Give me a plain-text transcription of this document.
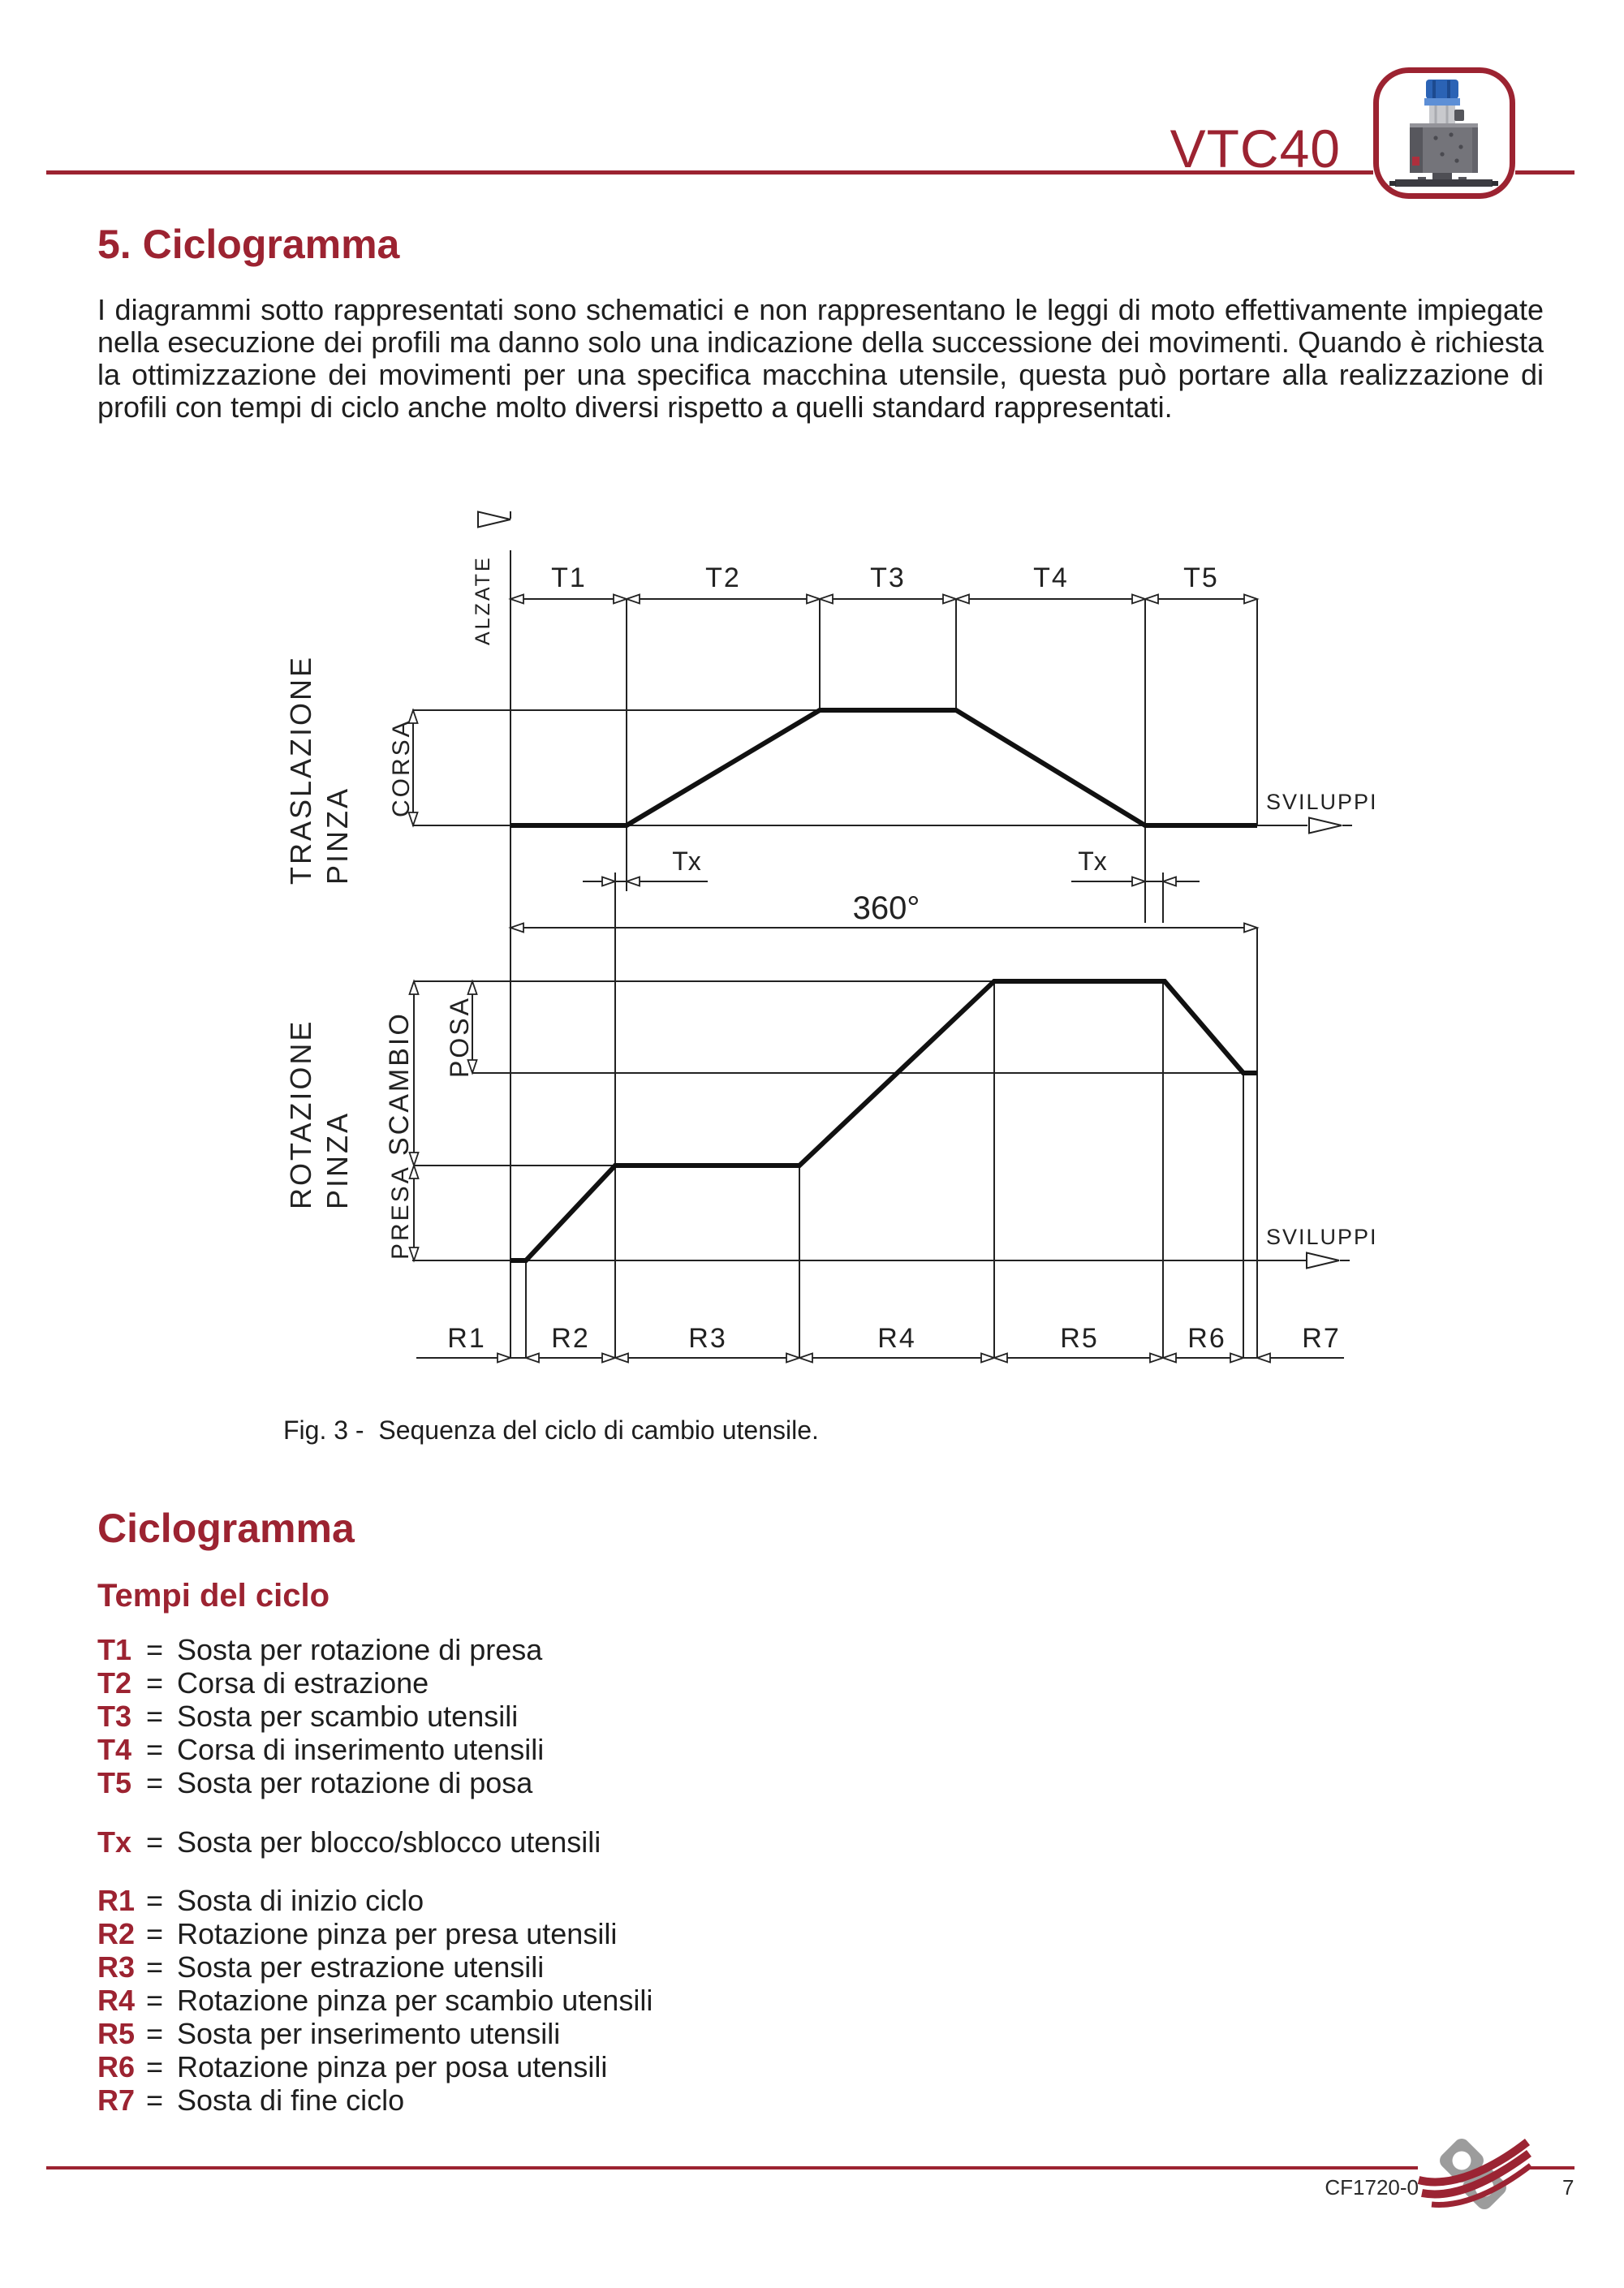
VTC40
5. Ciclogramma
I diagrammi sotto rappresentati sono schematici e non rappresentano le leggi di moto effettivamente impiegate nella esecuzione dei profili ma danno solo una indicazione della successione dei movimenti. Quando è richiesta la ottimizzazione dei movimenti per una specifica macchina utensile, questa può portare alla realizzazione di profili con tempi di ciclo anche molto diversi rispetto a quelli standard rappresentati.
T1	T2	T3	T4	T5
R1 R2	R3	R4	R5	R6	R7
ALZATE
TRASLAZIONE PINZA
CORSA
ROTAZIONE PINZA
SCAMBIO
PRESA
POSA
SVILUPPI
SVILUPPI
Tx	Tx
360°
Fig. 3 -  Sequenza del ciclo di cambio utensile.
Ciclogramma
Tempi del ciclo
T1 = Sosta per rotazione di presa
T2 = Corsa di estrazione
T3 = Sosta per scambio utensili
T4 = Corsa di inserimento utensili
T5 = Sosta per rotazione di posa
Tx = Sosta per blocco/sblocco utensili
R1 = Sosta di inizio ciclo
R2 = Rotazione pinza per presa utensili
R3 = Sosta per estrazione utensili
R4 = Rotazione pinza per scambio utensili
R5 = Sosta per inserimento utensili
R6 = Rotazione pinza per posa utensili
R7 = Sosta di fine ciclo
CF1720-0	7
